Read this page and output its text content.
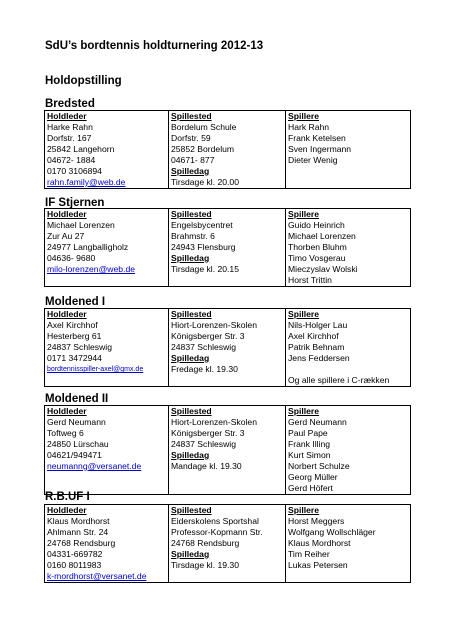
SdU’s bordtennis holdturnering 2012-13
Holdopstilling
Bredsted
Holdleder
Harke Rahn
Dorfstr. 167
25842 Langehorn
04672- 1884
0170 3106894
rahn.family@web.de

Spillested
Bordelum Schule
Dorfstr. 59
25852 Bordelum
04671- 877
Spilledag
Tirsdage kl. 20.00

Spillere
Hark Rahn
Frank Ketelsen
Sven Ingermann
Dieter Wenig
IF Stjernen
Holdleder
Michael Lorenzen
Zur Au 27
24977 Langballigholz
04636- 9680
milo-lorenzen@web.de

Spillested
Engelsbycentret
Brahmstr. 6
24943 Flensburg
Spilledag
Tirsdage kl. 20.15

Spillere
Guido Heinrich
Michael Lorenzen
Thorben Bluhm
Timo Vosgerau
Mieczyslav Wolski
Horst Trittin
Moldened I
Holdleder
Axel Kirchhof
Hesterberg 61
24837 Schleswig
0171 3472944
bordtennisspiller-axel@gmx.de

Spillested
Hiort-Lorenzen-Skolen
Königsberger Str. 3
24837 Schleswig
Spilledag
Fredage kl. 19.30

Spillere
Nils-Holger Lau
Axel Kirchhof
Patrik Behnam
Jens Feddersen
Og alle spillere i C-rækken
Moldened II
Holdleder
Gerd Neumann
Toftweg 6
24850 Lürschau
04621/949471
neumanng@versanet.de

Spillested
Hiort-Lorenzen-Skolen
Königsberger Str. 3
24837 Schleswig
Spilledag
Mandage kl. 19.30

Spillere
Gerd Neumann
Paul Pape
Frank Illing
Kurt Simon
Norbert Schulze
Georg Müller
Gerd Höfert
R.B.UF I
Holdleder
Klaus Mordhorst
Ahlmann Str. 24
24768 Rendsburg
04331-669782
0160 8011983
k-mordhorst@versanet.de

Spillested
Eiderskolens Sportshal
Professor-Kopmann Str.
24768 Rendsburg
Spilledag
Tirsdage kl. 19.30

Spillere
Horst Meggers
Wolfgang Wollschläger
Klaus Mordhorst
Tim Reiher
Lukas Petersen
